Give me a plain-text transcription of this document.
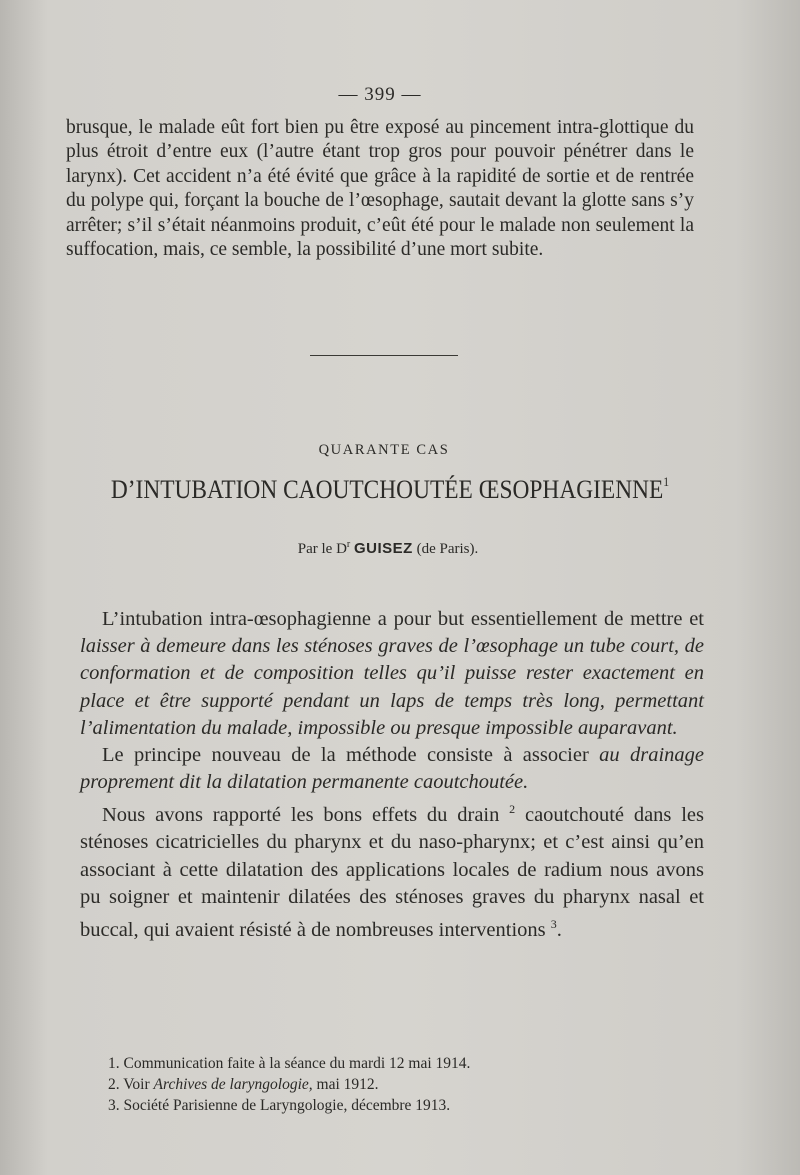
— 399 —

brusque, le malade eût fort bien pu être exposé au pincement intra-glottique du plus étroit d’entre eux (l’autre étant trop gros pour pouvoir pénétrer dans le larynx). Cet accident n’a été évité que grâce à la rapidité de sortie et de rentrée du polype qui, forçant la bouche de l’œsophage, sautait devant la glotte sans s’y arrêter; s’il s’était néanmoins produit, c’eût été pour le malade non seulement la suffocation, mais, ce semble, la possibilité d’une mort subite.

QUARANTE CAS
D’INTUBATION CAOUTCHOUTÉE ŒSOPHAGIENNE$^1$
Par le $D^r$ GUISEZ (de Paris).

L’intubation intra-œsophagienne a pour but essentiellement de mettre et laisser à demeure dans les sténoses graves de l’œsophage un tube court, de conformation et de composition telles qu’il puisse rester exactement en place et être supporté pendant un laps de temps très long, permettant l’alimentation du malade, impossible ou presque impossible auparavant.

Le principe nouveau de la méthode consiste à associer au drainage proprement dit la dilatation permanente caoutchoutée.

Nous avons rapporté les bons effets du drain $^2$ caoutchouté dans les sténoses cicatricielles du pharynx et du naso-pharynx; et c’est ainsi qu’en associant à cette dilatation des applications locales de radium nous avons pu soigner et maintenir dilatées des sténoses graves du pharynx nasal et buccal, qui avaient résisté à de nombreuses interventions $^3$.

1. Communication faite à la séance du mardi 12 mai 1914.
2. Voir Archives de laryngologie, mai 1912.
3. Société Parisienne de Laryngologie, décembre 1913.
